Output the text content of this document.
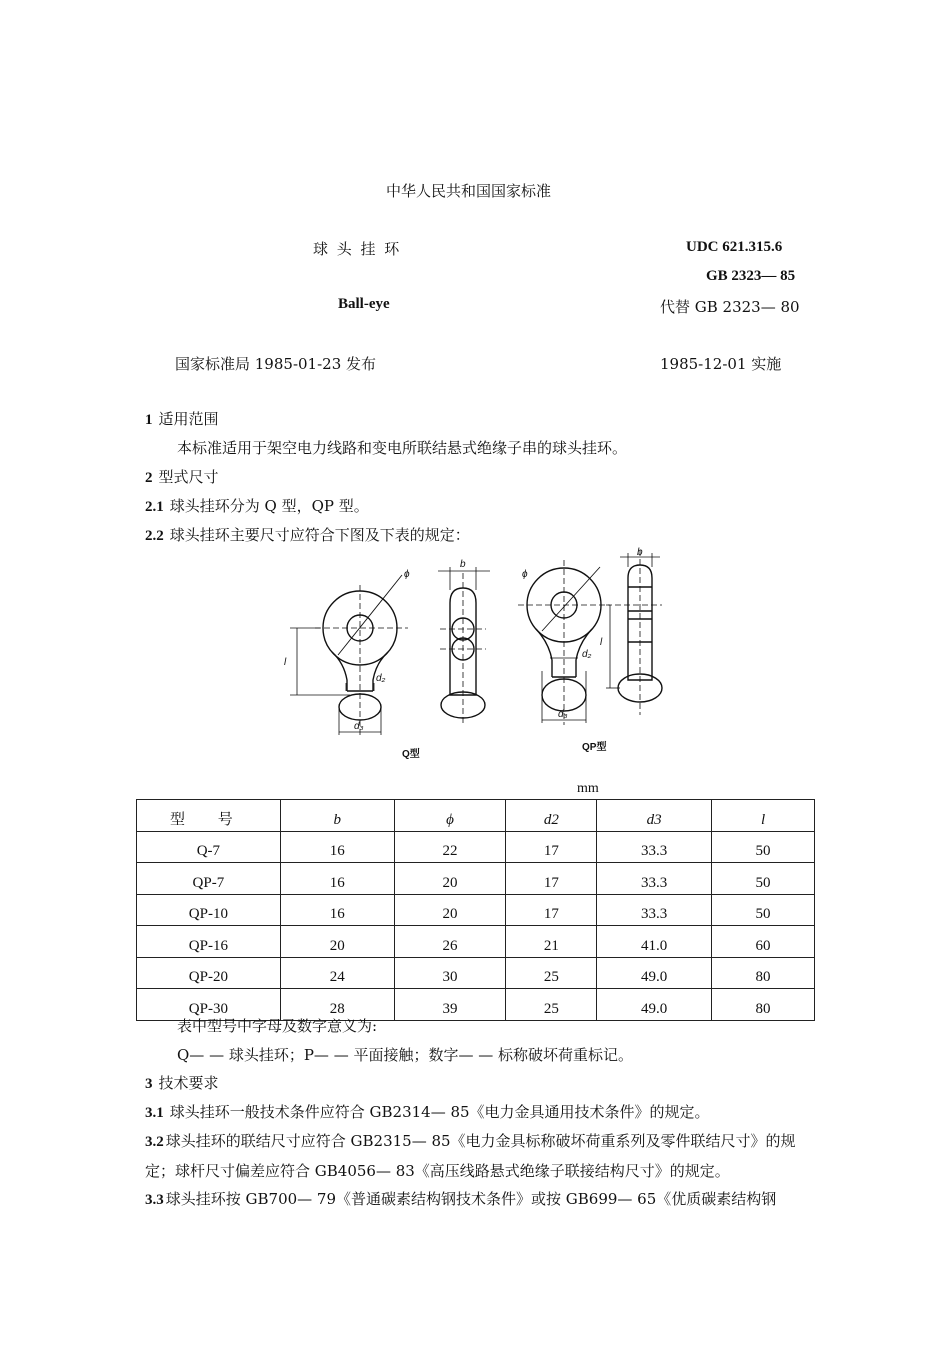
中华人民共和国国家标准
球 头 挂 环	UDC 621.315.6
GB 2323— 85
Ball-eye	代替 GB 2323— 80
国家标准局 1985-01-23 发布	1985-12-01 实施
1 适用范围
本标准适用于架空电力线路和变电所联结悬式绝缘子串的球头挂环。
2 型式尺寸
2.1 球头挂环分为 Q 型，QP 型。
2.2 球头挂环主要尺寸应符合下图及下表的规定：
ϕ
l
d₂
d₃
b
ϕ
l
d₂
d₃
b
Q型
QP型
mm
型 号	b	ϕ	d2	d3	l
Q-7	16	22	17	33.3	50
QP-7	16	20	17	33.3	50
QP-10	16	20	17	33.3	50
QP-16	20	26	21	41.0	60
QP-20	24	30	25	49.0	80
QP-30	28	39	25	49.0	80
表中型号中字母及数字意义为:
Q— — 球头挂环；P— — 平面接触；数字— — 标称破坏荷重标记。
3 技术要求
3.1 球头挂环一般技术条件应符合 GB2314— 85《电力金具通用技术条件》的规定。
3.2 球头挂环的联结尺寸应符合 GB2315— 85《电力金具标称破坏荷重系列及零件联结尺寸》的规定；球杆尺寸偏差应符合 GB4056— 83《高压线路悬式绝缘子联接结构尺寸》的规定。
3.3 球头挂环按 GB700— 79《普通碳素结构钢技术条件》或按 GB699— 65《优质碳素结构钢
